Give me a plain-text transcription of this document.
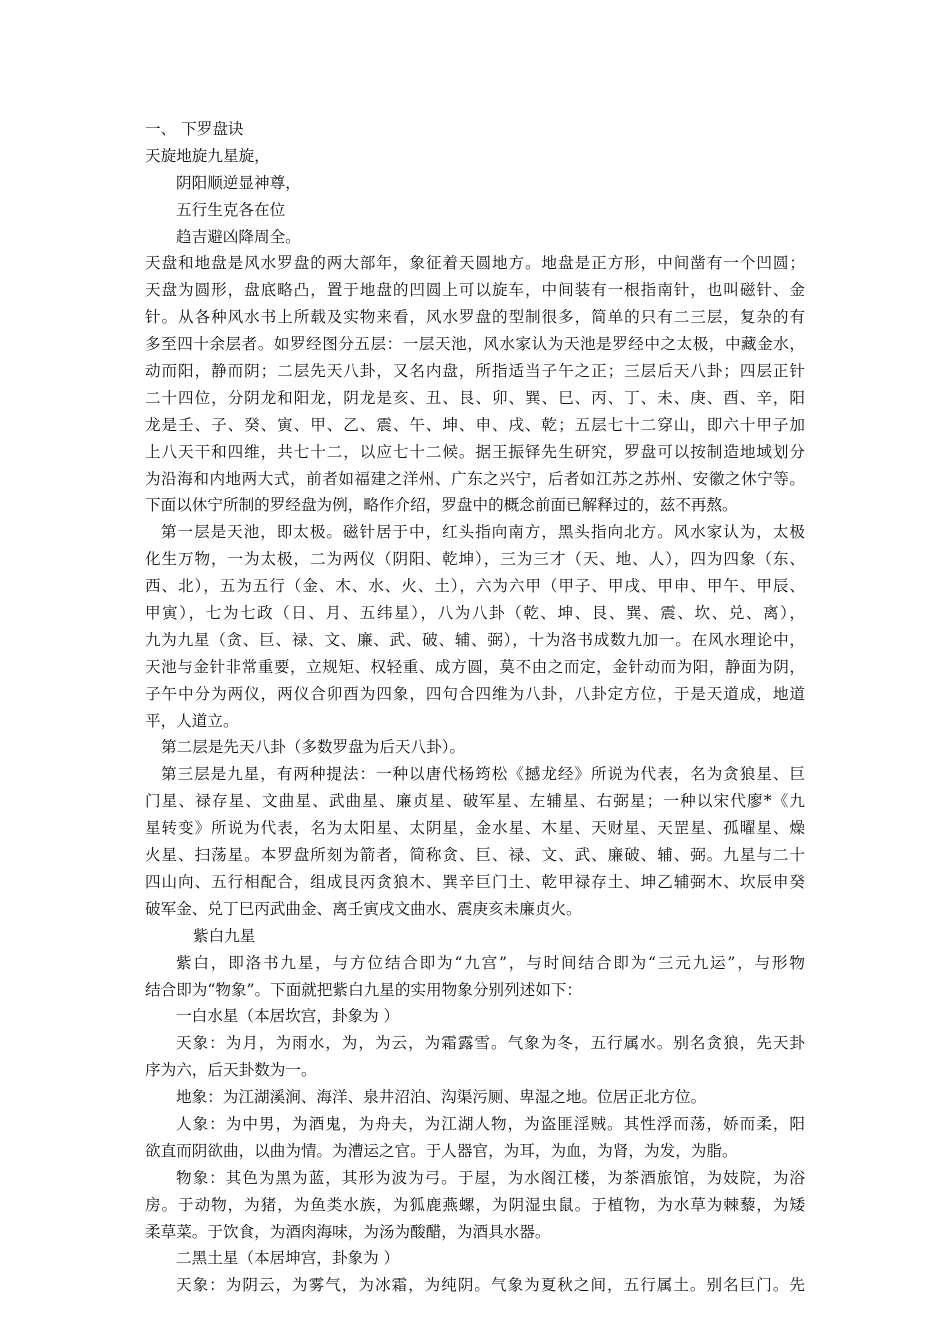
一、 下罗盘诀
天旋地旋九星旋，
阴阳顺逆显神尊，
五行生克各在位
趋吉避凶降周全。
天盘和地盘是风水罗盘的两大部年，象征着天圆地方。地盘是正方形，中间凿有一个凹圆；
天盘为圆形，盘底略凸，置于地盘的凹圆上可以旋车，中间装有一根指南针，也叫磁针、金
针。从各种风水书上所载及实物来看，风水罗盘的型制很多，简单的只有二三层，复杂的有
多至四十余层者。如罗经图分五层：一层天池，风水家认为天池是罗经中之太极，中藏金水，
动而阳，静而阴；二层先天八卦，又名内盘，所指适当子午之正；三层后天八卦；四层正针
二十四位，分阴龙和阳龙，阴龙是亥、丑、艮、卯、巽、巳、丙、丁、未、庚、酉、辛，阳
龙是壬、子、癸、寅、甲、乙、震、午、坤、申、戌、乾；五层七十二穿山，即六十甲子加
上八天干和四维，共七十二，以应七十二候。据王振铎先生研究，罗盘可以按制造地域划分
为沿海和内地两大式，前者如福建之洋州、广东之兴宁，后者如江苏之苏州、安徽之休宁等。
下面以休宁所制的罗经盘为例，略作介绍，罗盘中的概念前面已解释过的，兹不再熬。
第一层是天池，即太极。磁针居于中，红头指向南方，黑头指向北方。风水家认为，太极
化生万物，一为太极，二为两仪（阴阳、乾坤），三为三才（天、地、人），四为四象（东、
西、北），五为五行（金、木、水、火、土），六为六甲（甲子、甲戌、甲申、甲午、甲辰、
甲寅），七为七政（日、月、五纬星），八为八卦（乾、坤、艮、巽、震、坎、兑、离），
九为九星（贪、巨、禄、文、廉、武、破、辅、弼），十为洛书成数九加一。在风水理论中，
天池与金针非常重要，立规矩、权轻重、成方圆，莫不由之而定，金针动而为阳，静面为阴，
子午中分为两仪，两仪合卯酉为四象，四句合四维为八卦，八卦定方位，于是天道成，地道
平，人道立。
第二层是先天八卦（多数罗盘为后天八卦）。
第三层是九星，有两种提法：一种以唐代杨筠松《撼龙经》所说为代表，名为贪狼星、巨
门星、禄存星、文曲星、武曲星、廉贞星、破军星、左辅星、右弼星；一种以宋代廖*《九
星转变》所说为代表，名为太阳星、太阴星，金水星、木星、天财星、天罡星、孤曜星、燥
火星、扫荡星。本罗盘所刻为箭者，简称贪、巨、禄、文、武、廉破、辅、弼。九星与二十
四山向、五行相配合，组成艮丙贪狼木、巽辛巨门土、乾甲禄存土、坤乙辅弼木、坎辰申癸
破军金、兑丁巳丙武曲金、离壬寅戌文曲水、震庚亥未廉贞火。
紫白九星
紫白，即洛书九星，与方位结合即为“九宫”，与时间结合即为“三元九运”，与形物
结合即为“物象”。下面就把紫白九星的实用物象分别列述如下：
一白水星（本居坎宫，卦象为 ）
天象：为月，为雨水，为，为云，为霜露雪。气象为冬，五行属水。别名贪狼，先天卦
序为六，后天卦数为一。
地象：为江湖溪涧、海洋、泉井沼泊、沟渠污厕、卑湿之地。位居正北方位。
人象：为中男，为酒鬼，为舟夫，为江湖人物，为盗匪淫贼。其性浮而荡，娇而柔，阳
欲直而阴欲曲，以曲为情。为漕运之官。于人器官，为耳，为血，为肾，为发，为脂。
物象：其色为黑为蓝，其形为波为弓。于屋，为水阁江楼，为茶酒旅馆，为妓院，为浴
房。于动物，为猪，为鱼类水族，为狐鹿燕螺，为阴湿虫鼠。于植物，为水草为棘藜，为矮
柔草菜。于饮食，为酒肉海味，为汤为酸醋，为酒具水器。
二黑土星（本居坤宫，卦象为 ）
天象：为阴云，为雾气，为冰霜，为纯阴。气象为夏秋之间，五行属土。别名巨门。先
